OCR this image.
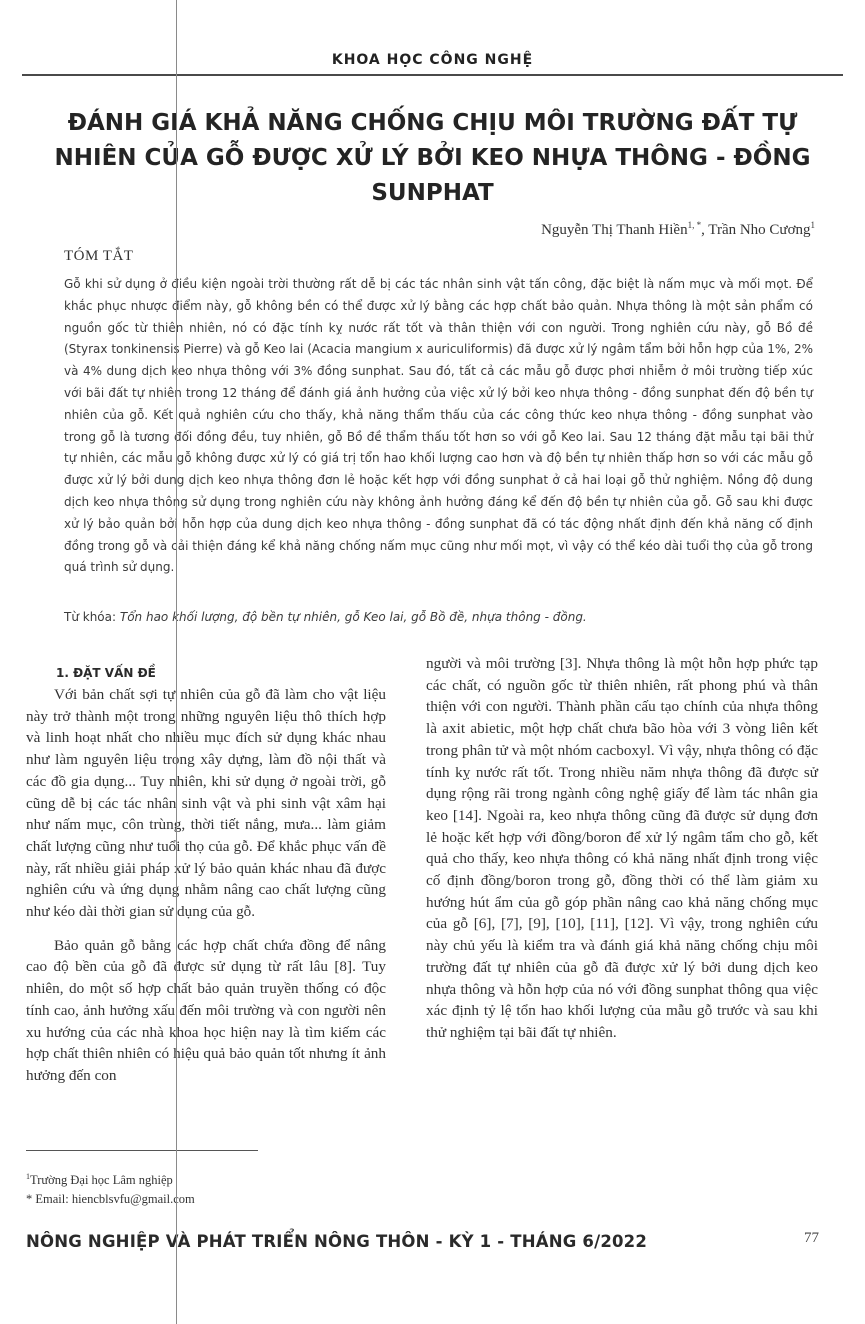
KHOA HỌC CÔNG NGHỆ
ĐÁNH GIÁ KHẢ NĂNG CHỐNG CHỊU MÔI TRƯỜNG ĐẤT TỰ NHIÊN CỦA GỖ ĐƯỢC XỬ LÝ BỞI KEO NHỰA THÔNG - ĐỒNG SUNPHAT
Nguyễn Thị Thanh Hiền$^{1, *}$, Trần Nho Cương$^1$
TÓM TẮT

Gỗ khi sử dụng ở điều kiện ngoài trời thường rất dễ bị các tác nhân sinh vật tấn công, đặc biệt là nấm mục và mối mọt. Để khắc phục nhược điểm này, gỗ không bền có thể được xử lý bằng các hợp chất bảo quản. Nhựa thông là một sản phẩm có nguồn gốc từ thiên nhiên, nó có đặc tính kỵ nước rất tốt và thân thiện với con người. Trong nghiên cứu này, gỗ Bồ đề (Styrax tonkinensis Pierre) và gỗ Keo lai (Acacia mangium x auriculiformis) đã được xử lý ngâm tẩm bởi hỗn hợp của 1%, 2% và 4% dung dịch keo nhựa thông với 3% đồng sunphat. Sau đó, tất cả các mẫu gỗ được phơi nhiễm ở môi trường tiếp xúc với bãi đất tự nhiên trong 12 tháng để đánh giá ảnh hưởng của việc xử lý bởi keo nhựa thông - đồng sunphat đến độ bền tự nhiên của gỗ. Kết quả nghiên cứu cho thấy, khả năng thẩm thấu của các công thức keo nhựa thông - đồng sunphat vào trong gỗ là tương đối đồng đều, tuy nhiên, gỗ Bồ đề thẩm thấu tốt hơn so với gỗ Keo lai. Sau 12 tháng đặt mẫu tại bãi thử tự nhiên, các mẫu gỗ không được xử lý có giá trị tổn hao khối lượng cao hơn và độ bền tự nhiên thấp hơn so với các mẫu gỗ được xử lý bởi dung dịch keo nhựa thông đơn lẻ hoặc kết hợp với đồng sunphat ở cả hai loại gỗ thử nghiệm. Nồng độ dung dịch keo nhựa thông sử dụng trong nghiên cứu này không ảnh hưởng đáng kể đến độ bền tự nhiên của gỗ. Gỗ sau khi được xử lý bảo quản bởi hỗn hợp của dung dịch keo nhựa thông - đồng sunphat đã có tác động nhất định đến khả năng cố định đồng trong gỗ và cải thiện đáng kể khả năng chống nấm mục cũng như mối mọt, vì vậy có thể kéo dài tuổi thọ của gỗ trong quá trình sử dụng.

Từ khóa: Tổn hao khối lượng, độ bền tự nhiên, gỗ Keo lai, gỗ Bồ đề, nhựa thông - đồng.
1. ĐẶT VẤN ĐỀ

Với bản chất sợi tự nhiên của gỗ đã làm cho vật liệu này trở thành một trong những nguyên liệu thô thích hợp và linh hoạt nhất cho nhiều mục đích sử dụng khác nhau như làm nguyên liệu trong xây dựng, làm đồ nội thất và các đồ gia dụng... Tuy nhiên, khi sử dụng ở ngoài trời, gỗ cũng dễ bị các tác nhân sinh vật và phi sinh vật xâm hại như nấm mục, côn trùng, thời tiết nắng, mưa... làm giảm chất lượng cũng như tuổi thọ của gỗ. Để khắc phục vấn đề này, rất nhiều giải pháp xử lý bảo quản khác nhau đã được nghiên cứu và ứng dụng nhằm nâng cao chất lượng cũng như kéo dài thời gian sử dụng của gỗ.

Bảo quản gỗ bằng các hợp chất chứa đồng để nâng cao độ bền của gỗ đã được sử dụng từ rất lâu [8]. Tuy nhiên, do một số hợp chất bảo quản truyền thống có độc tính cao, ảnh hưởng xấu đến môi trường và con người nên xu hướng của các nhà khoa học hiện nay là tìm kiếm các hợp chất thiên nhiên có hiệu quả bảo quản tốt nhưng ít ảnh hưởng đến con

người và môi trường [3]. Nhựa thông là một hỗn hợp phức tạp các chất, có nguồn gốc từ thiên nhiên, rất phong phú và thân thiện với con người. Thành phần cấu tạo chính của nhựa thông là axit abietic, một hợp chất chưa bão hòa với 3 vòng liên kết trong phân tử và một nhóm cacboxyl. Vì vậy, nhựa thông có đặc tính kỵ nước rất tốt. Trong nhiều năm nhựa thông đã được sử dụng rộng rãi trong ngành công nghệ giấy để làm tác nhân gia keo [14]. Ngoài ra, keo nhựa thông cũng đã được sử dụng đơn lẻ hoặc kết hợp với đồng/boron để xử lý ngâm tẩm cho gỗ, kết quả cho thấy, keo nhựa thông có khả năng nhất định trong việc cố định đồng/boron trong gỗ, đồng thời có thể làm giảm xu hướng hút ẩm của gỗ góp phần nâng cao khả năng chống mục của gỗ [6], [7], [9], [10], [11], [12]. Vì vậy, trong nghiên cứu này chủ yếu là kiểm tra và đánh giá khả năng chống chịu môi trường đất tự nhiên của gỗ đã được xử lý bởi dung dịch keo nhựa thông và hỗn hợp của nó với đồng sunphat thông qua việc xác định tỷ lệ tổn hao khối lượng của mẫu gỗ trước và sau khi thử nghiệm tại bãi đất tự nhiên.

$^1$Trường Đại học Lâm nghiệp
* Email: hiencblsvfu@gmail.com
NÔNG NGHIỆP VÀ PHÁT TRIỂN NÔNG THÔN - KỲ 1 - THÁNG 6/2022	77
